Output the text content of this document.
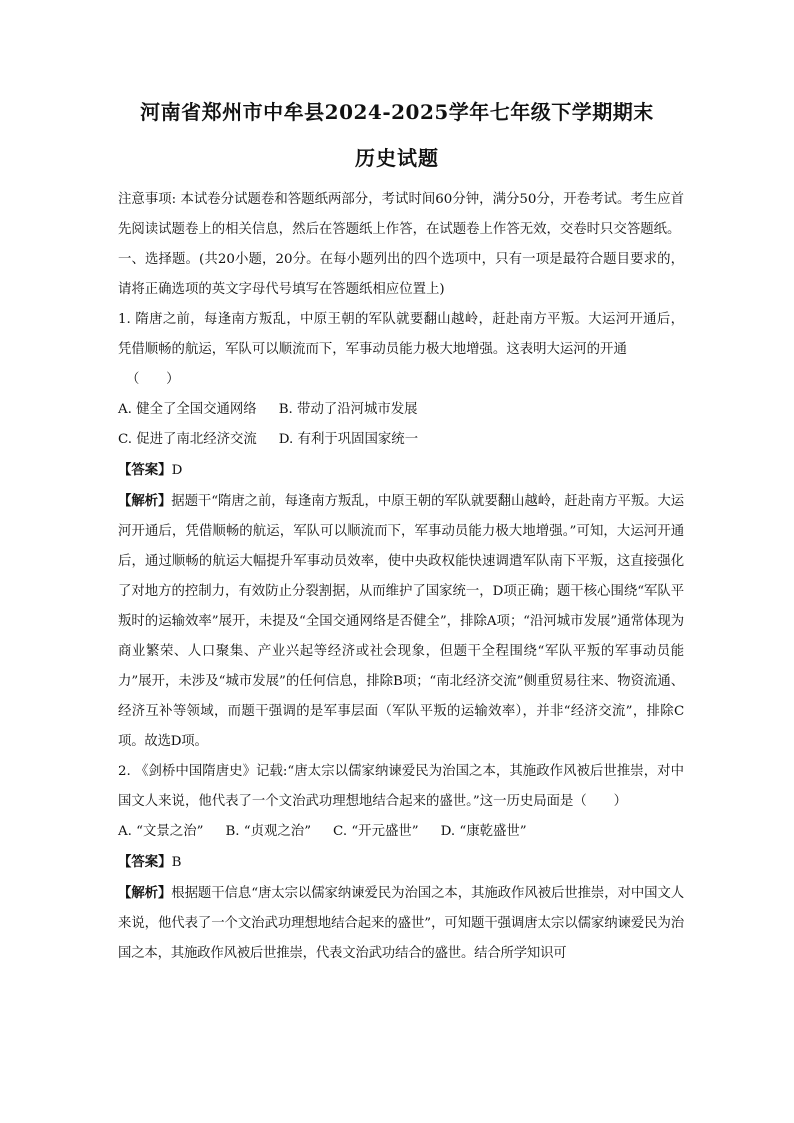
河南省郑州市中牟县2024-2025学年七年级下学期期末
历史试题

注意事项: 本试卷分试题卷和答题纸两部分，考试时间60分钟，满分50分，开卷考试。考生应首先阅读试题卷上的相关信息，然后在答题纸上作答，在试题卷上作答无效，交卷时只交答题纸。

一、选择题。(共20小题，20分。在每小题列出的四个选项中，只有一项是最符合题目要求的，请将正确选项的英文字母代号填写在答题纸相应位置上)

1. 隋唐之前，每逢南方叛乱，中原王朝的军队就要翻山越岭，赶赴南方平叛。大运河开通后，凭借顺畅的航运，军队可以顺流而下，军事动员能力极大地增强。这表明大运河的开通

（　　）

A. 健全了全国交通网络 B. 带动了沿河城市发展
C. 促进了南北经济交流 D. 有利于巩固国家统一

【答案】D

【解析】据题干“隋唐之前，每逢南方叛乱，中原王朝的军队就要翻山越岭，赶赴南方平叛。大运河开通后，凭借顺畅的航运，军队可以顺流而下，军事动员能力极大地增强。”可知，大运河开通后，通过顺畅的航运大幅提升军事动员效率，使中央政权能快速调遣军队南下平叛，这直接强化了对地方的控制力，有效防止分裂割据，从而维护了国家统一，D项正确；题干核心围绕“军队平叛时的运输效率”展开，未提及“全国交通网络是否健全”，排除A项；“沿河城市发展”通常体现为商业繁荣、人口聚集、产业兴起等经济或社会现象，但题干全程围绕“军队平叛的军事动员能力”展开，未涉及“城市发展”的任何信息，排除B项；“南北经济交流”侧重贸易往来、物资流通、经济互补等领域，而题干强调的是军事层面（军队平叛的运输效率），并非“经济交流”，排除C项。故选D项。

2. 《剑桥中国隋唐史》记载:“唐太宗以儒家纳谏爱民为治国之本，其施政作风被后世推崇，对中国文人来说，他代表了一个文治武功理想地结合起来的盛世。”这一历史局面是（　　）

A. “文景之治” B. “贞观之治” C. “开元盛世” D. “康乾盛世”

【答案】B

【解析】根据题干信息“唐太宗以儒家纳谏爱民为治国之本，其施政作风被后世推崇，对中国文人来说，他代表了一个文治武功理想地结合起来的盛世”，可知题干强调唐太宗以儒家纳谏爱民为治国之本，其施政作风被后世推崇，代表文治武功结合的盛世。结合所学知识可
